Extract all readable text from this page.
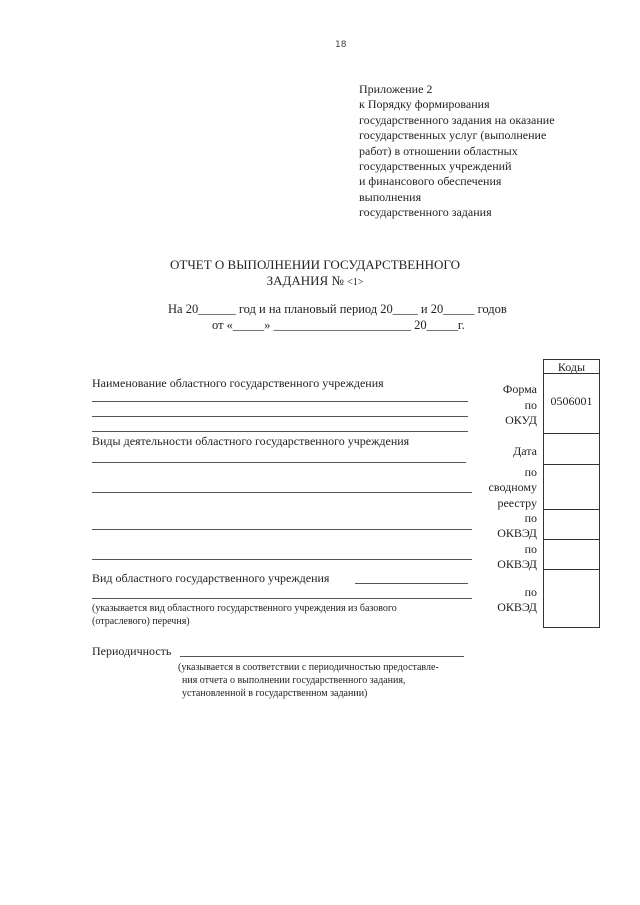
18
Приложение 2
к Порядку формирования
государственного задания на оказание
государственных услуг (выполнение
работ) в отношении областных
государственных учреждений
и финансового обеспечения
выполнения
государственного задания
ОТЧЕТ О ВЫПОЛНЕНИИ ГОСУДАРСТВЕННОГО
ЗАДАНИЯ № <1>
На 20______ год и на плановый период 20____ и 20_____ годов
от «_____» ______________________ 20_____г.
Наименование областного государственного учреждения
Виды деятельности областного государственного учреждения
Вид областного государственного учреждения
(указывается вид областного государственного учреждения из базового
(отраслевого) перечня)
Периодичность
(указывается в соответствии с периодичностью предоставле-
ния отчета о выполнении государственного задания,
установленной в государственном задании)
Форма
по
ОКУД
Дата
по
сводному
реестру
по
ОКВЭД
по
ОКВЭД
по
ОКВЭД
Коды
0506001
